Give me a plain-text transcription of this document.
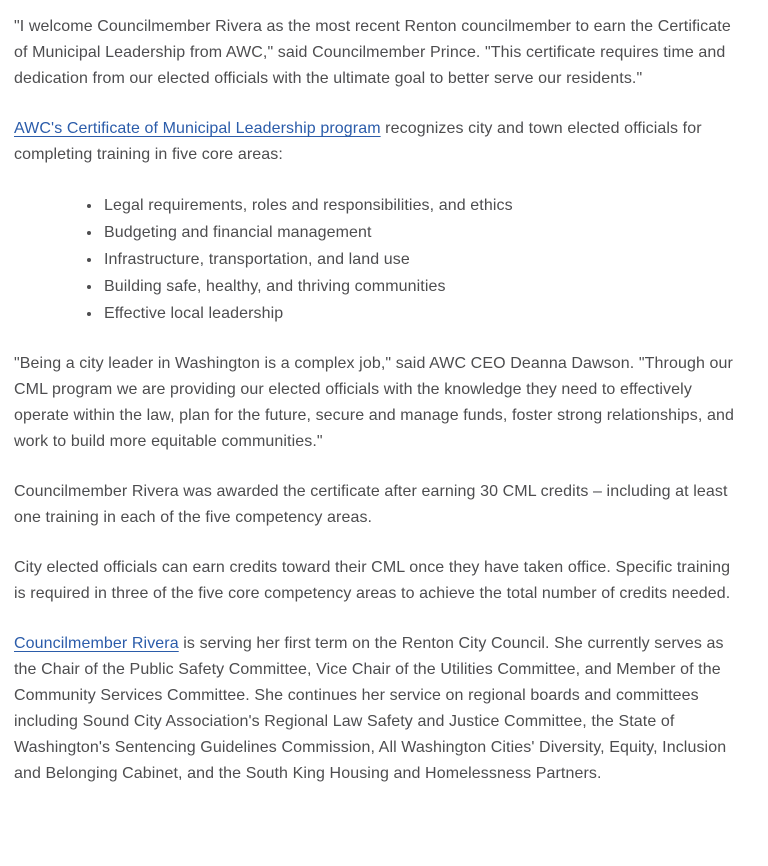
"I welcome Councilmember Rivera as the most recent Renton councilmember to earn the Certificate of Municipal Leadership from AWC," said Councilmember Prince. "This certificate requires time and dedication from our elected officials with the ultimate goal to better serve our residents."

AWC's Certificate of Municipal Leadership program recognizes city and town elected officials for completing training in five core areas:

• Legal requirements, roles and responsibilities, and ethics
• Budgeting and financial management
• Infrastructure, transportation, and land use
• Building safe, healthy, and thriving communities
• Effective local leadership

"Being a city leader in Washington is a complex job," said AWC CEO Deanna Dawson. "Through our CML program we are providing our elected officials with the knowledge they need to effectively operate within the law, plan for the future, secure and manage funds, foster strong relationships, and work to build more equitable communities."

Councilmember Rivera was awarded the certificate after earning 30 CML credits – including at least one training in each of the five competency areas.

City elected officials can earn credits toward their CML once they have taken office. Specific training is required in three of the five core competency areas to achieve the total number of credits needed.

Councilmember Rivera is serving her first term on the Renton City Council. She currently serves as the Chair of the Public Safety Committee, Vice Chair of the Utilities Committee, and Member of the Community Services Committee. She continues her service on regional boards and committees including Sound City Association's Regional Law Safety and Justice Committee, the State of Washington's Sentencing Guidelines Commission, All Washington Cities' Diversity, Equity, Inclusion and Belonging Cabinet, and the South King Housing and Homelessness Partners.
